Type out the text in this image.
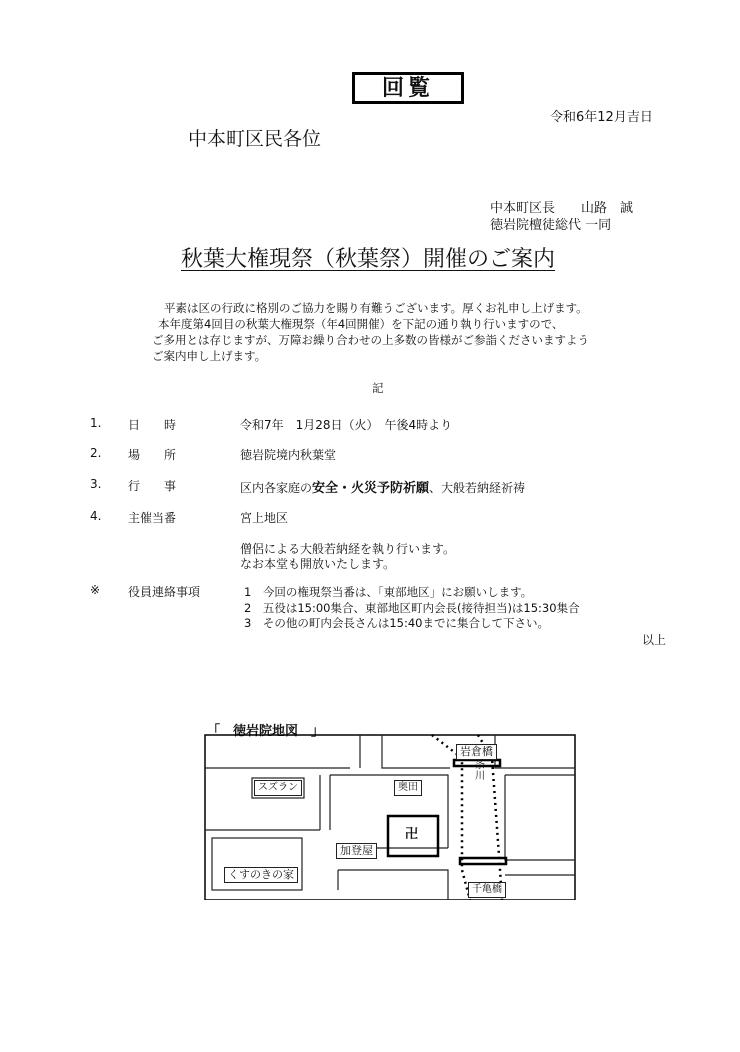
回覧
令和6年12月吉日
中本町区民各位
中本町区長　　山路　誠
徳岩院檀徒総代 一同
秋葉大権現祭（秋葉祭）開催のご案内
平素は区の行政に格別のご協力を賜り有難うございます。厚くお礼申し上げます。
本年度第4回目の秋葉大権現祭（年4回開催）を下記の通り執り行いますので、
ご多用とは存じますが、万障お繰り合わせの上多数の皆様がご参詣くださいますよう
ご案内申し上げます。
記
1. 日　　時	令和7年　1月28日（火）　午後4時より
2. 場　　所	徳岩院境内秋葉堂
3. 行　　事	区内各家庭の安全・火災予防祈願、大般若納経祈祷
4. 主催当番	宮上地区
僧侶による大般若納経を執り行います。
なお本堂も開放いたします。
※ 役員連絡事項	1　今回の権現祭当番は、「東部地区」にお願いします。
2　五役は15:00集合、東部地区町内会長(接待担当)は15:30集合
3　その他の町内会長さんは15:40までに集合して下さい。
以上
「　徳岩院地図　」
スズラン	奥田
くすのきの家
加登屋
卍
岩倉橋
条川
千亀橋
